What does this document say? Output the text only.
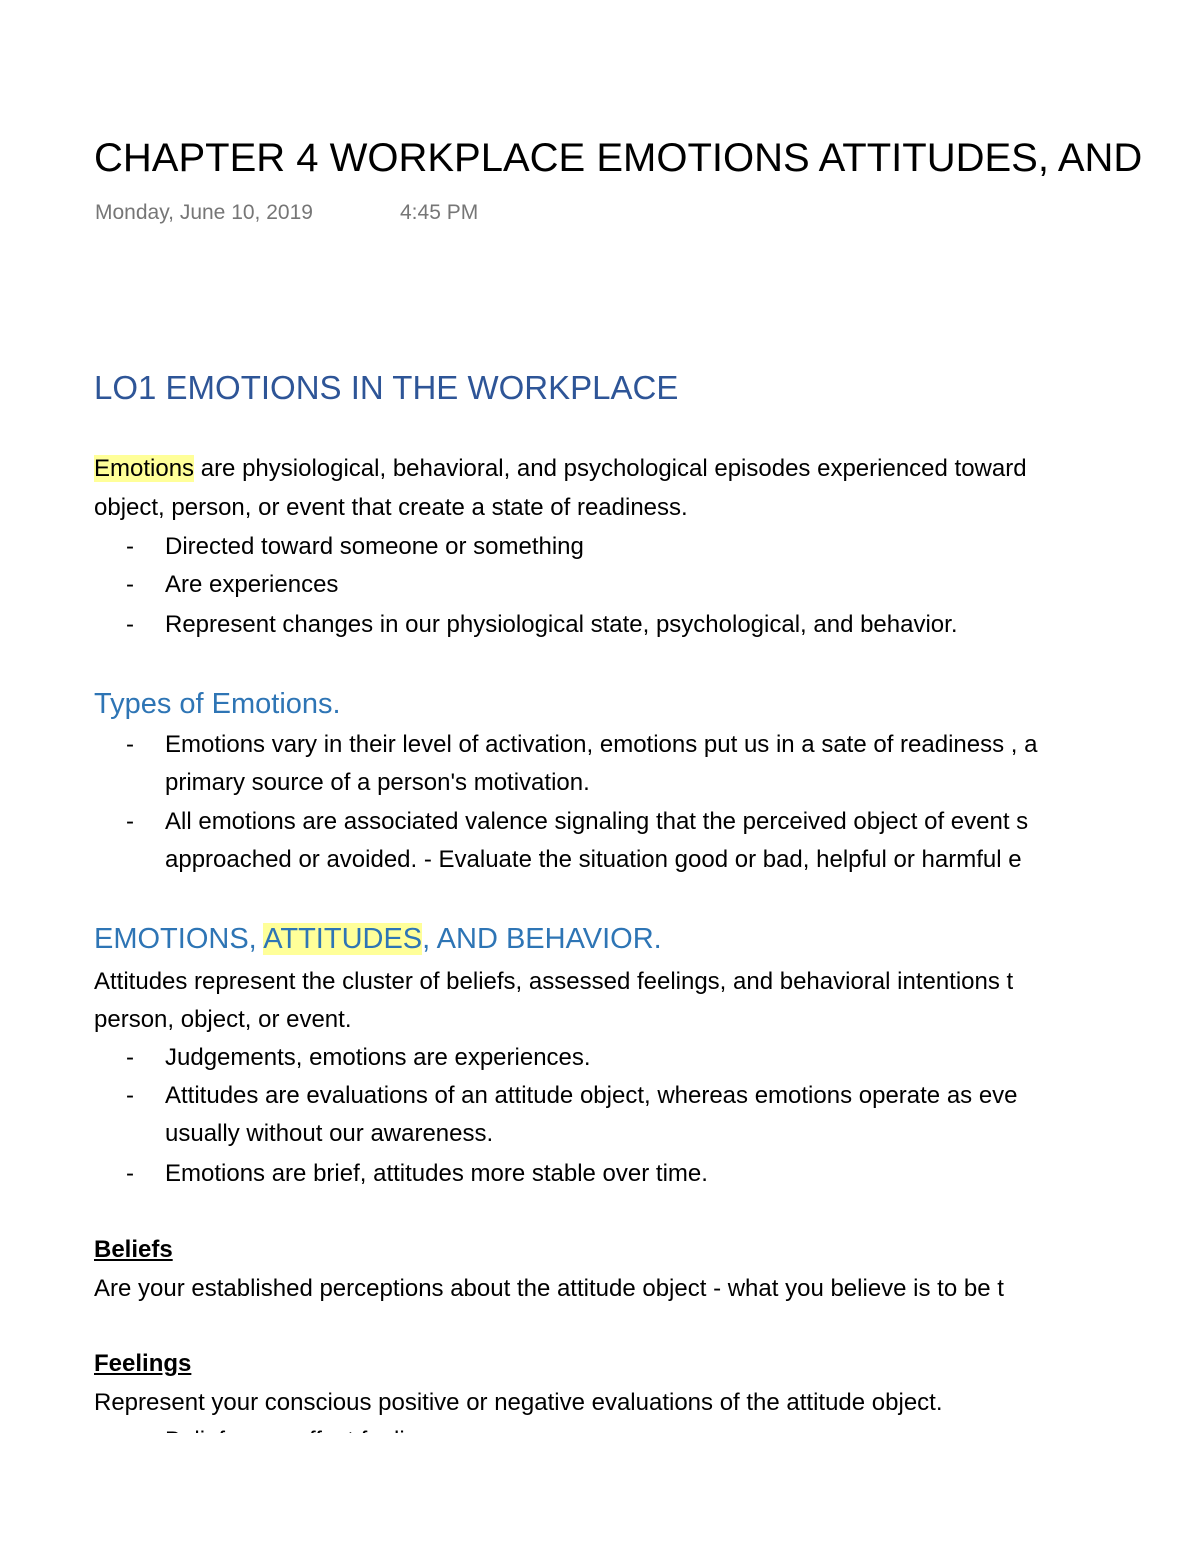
CHAPTER 4 WORKPLACE EMOTIONS ATTITUDES, AND
Monday, June 10, 2019	4:45 PM
LO1 EMOTIONS IN THE WORKPLACE
Emotions are physiological, behavioral, and psychological episodes experienced toward
object, person, or event that create a state of readiness.
- Directed toward someone or something
- Are experiences
- Represent changes in our physiological state, psychological, and behavior.
Types of Emotions.
- Emotions vary in their level of activation, emotions put us in a sate of readiness , a
primary source of a person's motivation.
- All emotions are associated valence signaling that the perceived object of event s
approached or avoided. - Evaluate the situation good or bad, helpful or harmful e
EMOTIONS, ATTITUDES, AND BEHAVIOR.
Attitudes represent the cluster of beliefs, assessed feelings, and behavioral intentions t
person, object, or event.
- Judgements, emotions are experiences.
- Attitudes are evaluations of an attitude object, whereas emotions operate as eve
usually without our awareness.
- Emotions are brief, attitudes more stable over time.
Beliefs
Are your established perceptions about the attitude object - what you believe is to be t
Feelings
Represent your conscious positive or negative evaluations of the attitude object.
